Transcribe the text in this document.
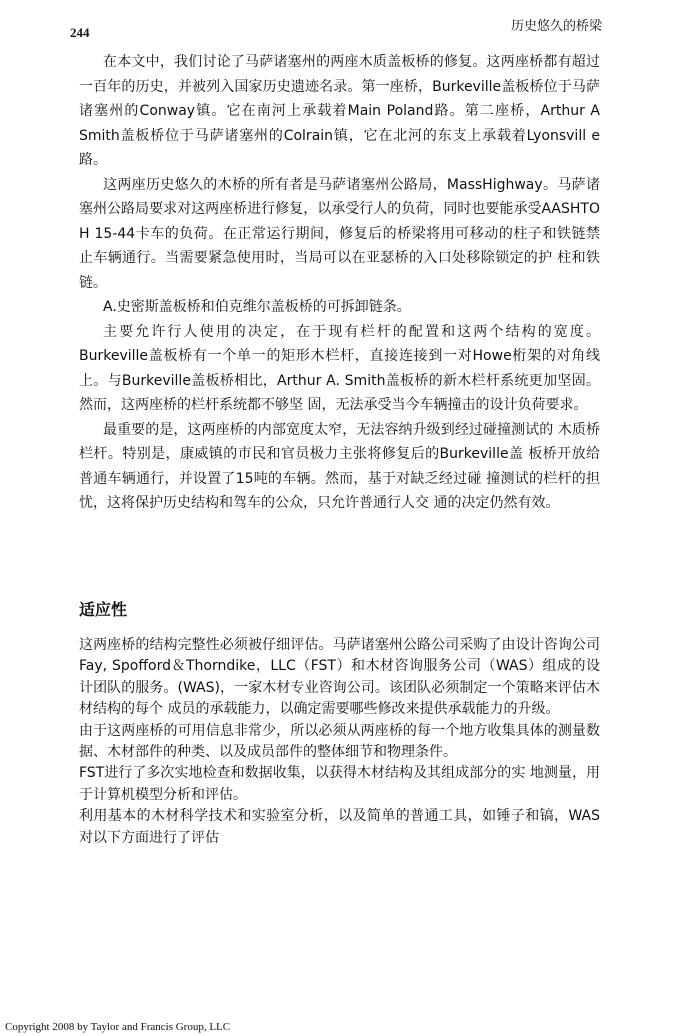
244	历史悠久的桥梁

在本文中，我们讨论了马萨诸塞州的两座木质盖板桥的修复。这两座桥都有超过一百年的历史，并被列入国家历史遗迹名录。第一座桥，Burkeville盖板桥位于马萨诸塞州的Conway镇。它在南河上承载着Main Poland路。第二座桥，Arthur A Smith盖板桥位于马萨诸塞州的Colrain镇，它在北河的东支上承载着Lyonsvill e路。

这两座历史悠久的木桥的所有者是马萨诸塞州公路局，MassHighway。马萨诸塞州公路局要求对这两座桥进行修复，以承受行人的负荷，同时也要能承受AASHTO H 15-44卡车的负荷。在正常运行期间，修复后的桥梁将用可移动的柱子和铁链禁 止车辆通行。当需要紧急使用时，当局可以在亚瑟桥的入口处移除锁定的护 柱和铁链。

A.史密斯盖板桥和伯克维尔盖板桥的可拆卸链条。

主要允许行人使用的决定，在于现有栏杆的配置和这两个结构的宽度。Burkeville盖板桥有一个单一的矩形木栏杆，直接连接到一对Howe桁架的对角线上。与Burkeville盖板桥相比，Arthur A. Smith盖板桥的新木栏杆系统更加坚固。然而，这两座桥的栏杆系统都不够坚 固，无法承受当今车辆撞击的设计负荷要求。

最重要的是，这两座桥的内部宽度太窄，无法容纳升级到经过碰撞测试的 木质桥栏杆。特别是，康威镇的市民和官员极力主张将修复后的Burkeville盖 板桥开放给普通车辆通行，并设置了15吨的车辆。然而，基于对缺乏经过碰 撞测试的栏杆的担忧，这将保护历史结构和驾车的公众，只允许普通行人交 通的决定仍然有效。

适应性

这两座桥的结构完整性必须被仔细评估。马萨诸塞州公路公司采购了由设计咨询公司Fay, Spofford＆Thorndike，LLC（FST）和木材咨询服务公司（WAS）组成的设计团队的服务。(WAS)，一家木材专业咨询公司。该团队必须制定一个策略来评估木材结构的每个 成员的承载能力，以确定需要哪些修改来提供承载能力的升级。

由于这两座桥的可用信息非常少，所以必须从两座桥的每一个地方收集具体的测量数据、木材部件的种类、以及成员部件的整体细节和物理条件。

FST进行了多次实地检查和数据收集，以获得木材结构及其组成部分的实 地测量，用于计算机模型分析和评估。

利用基本的木材科学技术和实验室分析，以及简单的普通工具，如锤子和镐，WAS对以下方面进行了评估

Copyright 2008 by Taylor and Francis Group, LLC
